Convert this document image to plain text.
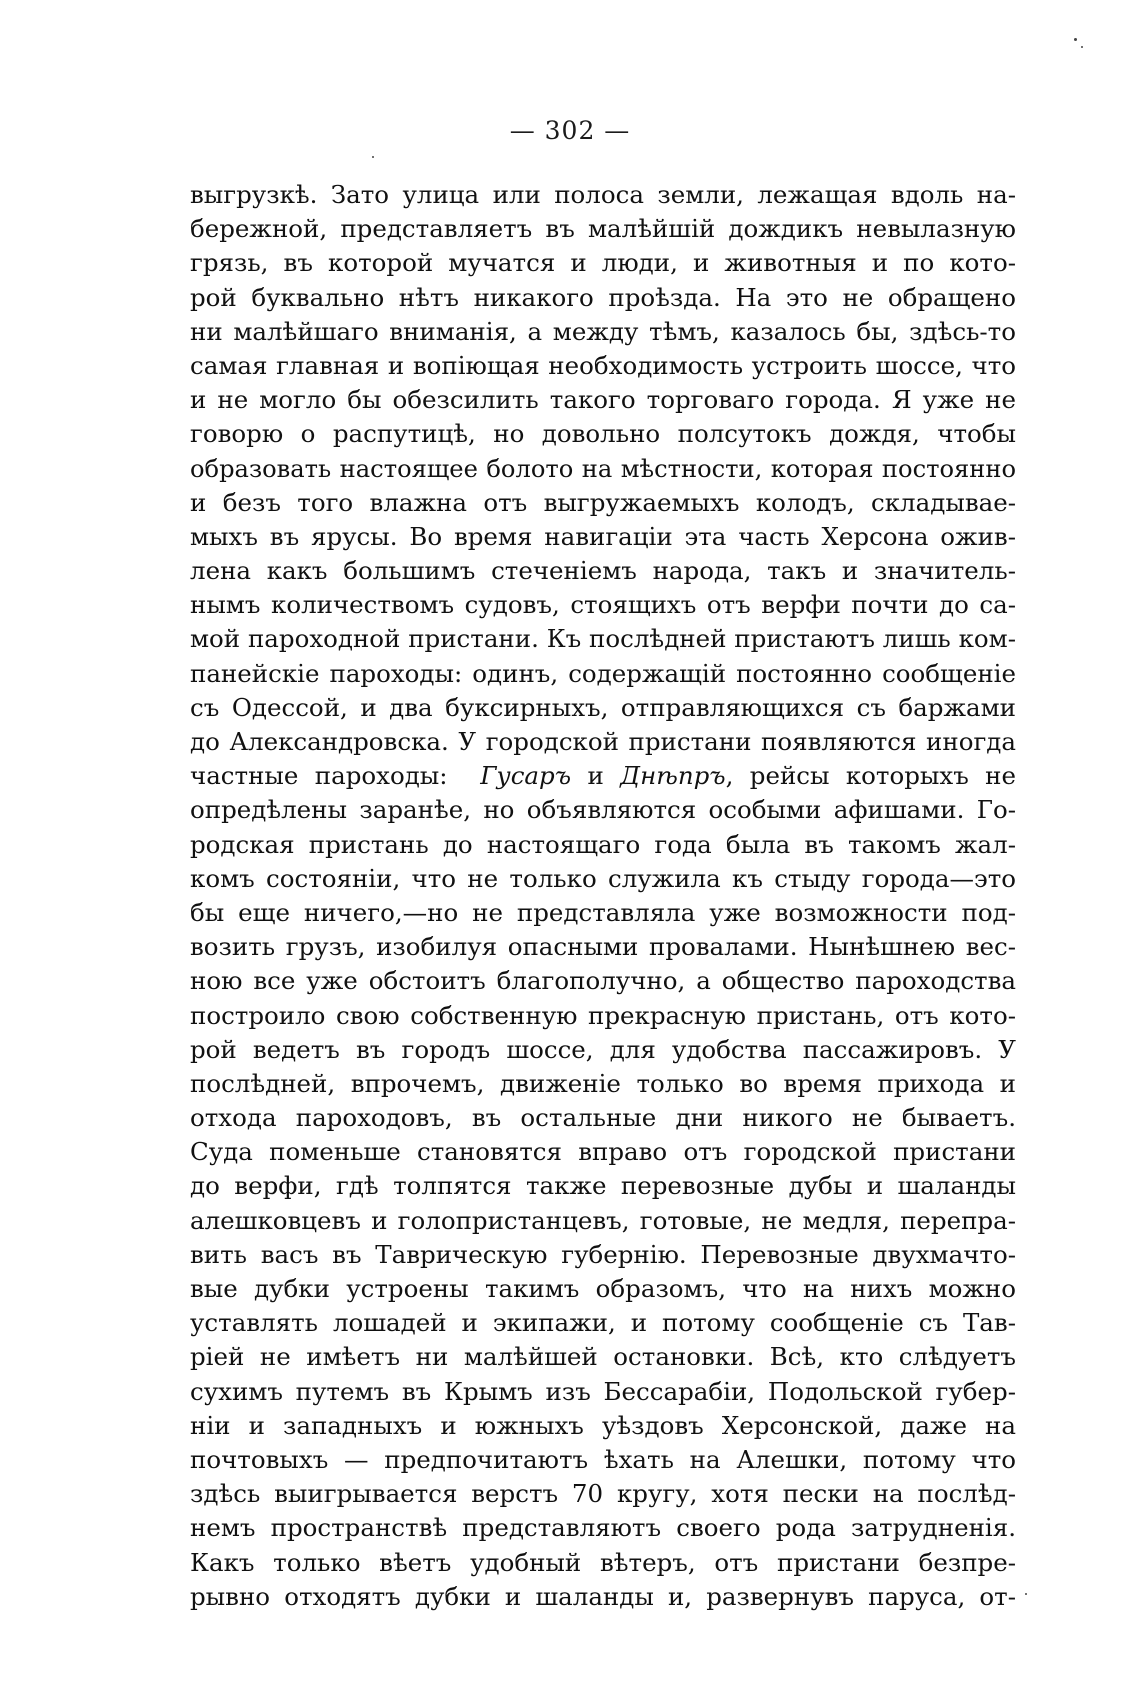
— 302 —
выгрузкѣ. Зато улица или полоса земли, лежащая вдоль на-
бережной, представляетъ въ малѣйшій дождикъ невылазную
грязь, въ которой мучатся и люди, и животныя и по кото-
рой буквально нѣтъ никакого проѣзда. На это не обращено
ни малѣйшаго вниманія, а между тѣмъ, казалось бы, здѣсь-то
самая главная и вопіющая необходимость устроить шоссе, что
и не могло бы обезсилить такого торговаго города. Я уже не
говорю о распутицѣ, но довольно полсутокъ дождя, чтобы
образовать настоящее болото на мѣстности, которая постоянно
и безъ того влажна отъ выгружаемыхъ колодъ, складывае-
мыхъ въ ярусы. Во время навигаціи эта часть Херсона ожив-
лена какъ большимъ стеченіемъ народа, такъ и значитель-
нымъ количествомъ судовъ, стоящихъ отъ верфи почти до са-
мой пароходной пристани. Къ послѣдней пристаютъ лишь ком-
панейскіе пароходы: одинъ, содержащій постоянно сообщеніе
съ Одессой, и два буксирныхъ, отправляющихся съ баржами
до Александровска. У городской пристани появляются иногда
частные пароходы: Гусаръ и Днѣпръ, рейсы которыхъ не
опредѣлены заранѣе, но объявляются особыми афишами. Го-
родская пристань до настоящаго года была въ такомъ жал-
комъ состояніи, что не только служила къ стыду города—это
бы еще ничего,—но не представляла уже возможности под-
возить грузъ, изобилуя опасными провалами. Нынѣшнею вес-
ною все уже обстоитъ благополучно, а общество пароходства
построило свою собственную прекрасную пристань, отъ кото-
рой ведетъ въ городъ шоссе, для удобства пассажировъ. У
послѣдней, впрочемъ, движеніе только во время прихода и
отхода пароходовъ, въ остальные дни никого не бываетъ.
Суда поменьше становятся вправо отъ городской пристани
до верфи, гдѣ толпятся также перевозные дубы и шаланды
алешковцевъ и голопристанцевъ, готовые, не медля, перепра-
вить васъ въ Таврическую губернію. Перевозные двухмачто-
вые дубки устроены такимъ образомъ, что на нихъ можно
уставлять лошадей и экипажи, и потому сообщеніе съ Тав-
ріей не имѣетъ ни малѣйшей остановки. Всѣ, кто слѣдуетъ
сухимъ путемъ въ Крымъ изъ Бессарабіи, Подольской губер-
ніи и западныхъ и южныхъ уѣздовъ Херсонской, даже на
почтовыхъ — предпочитаютъ ѣхать на Алешки, потому что
здѣсь выигрывается верстъ 70 кругу, хотя пески на послѣд-
немъ пространствѣ представляютъ своего рода затрудненія.
Какъ только вѣетъ удобный вѣтеръ, отъ пристани безпре-
рывно отходятъ дубки и шаланды и, развернувъ паруса, от-
